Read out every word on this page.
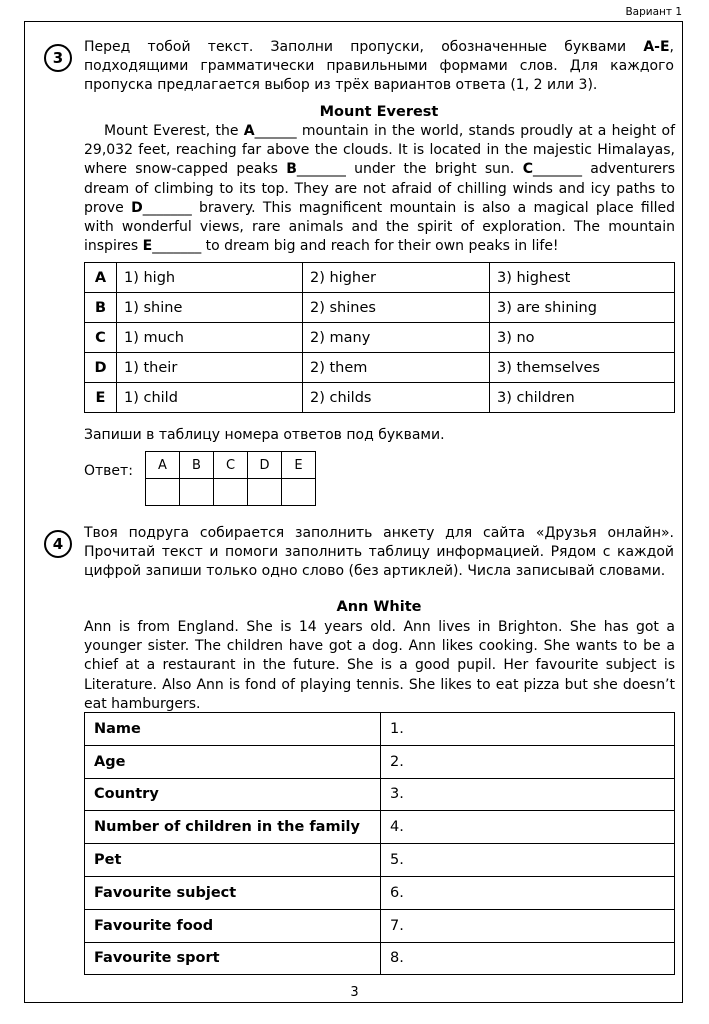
Вариант 1
3
Перед тобой текст. Заполни пропуски, обозначенные буквами A-E, подходящими грамматически правильными формами слов. Для каждого пропуска предлагается выбор из трёх вариантов ответа (1, 2 или 3).
Mount Everest
Mount Everest, the A______ mountain in the world, stands proudly at a height of 29,032 feet, reaching far above the clouds. It is located in the majestic Himalayas, where snow-capped peaks B_______ under the bright sun. C_______ adventurers dream of climbing to its top. They are not afraid of chilling winds and icy paths to prove D_______ bravery. This magnificent mountain is also a magical place filled with wonderful views, rare animals and the spirit of exploration. The mountain inspires E_______ to dream big and reach for their own peaks in life!
A	1) high	2) higher	3) highest
B	1) shine	2) shines	3) are shining
C	1) much	2) many	3) no
D	1) their	2) them	3) themselves
E	1) child	2) childs	3) children
Запиши в таблицу номера ответов под буквами.
Ответ: A	B	C	D	E

4
Твоя подруга собирается заполнить анкету для сайта «Друзья онлайн». Прочитай текст и помоги заполнить таблицу информацией. Рядом с каждой цифрой запиши только одно слово (без артиклей). Числа записывай словами.
Ann White
Ann is from England. She is 14 years old. Ann lives in Brighton. She has got a younger sister. The children have got a dog. Ann likes cooking. She wants to be a chief at a restaurant in the future. She is a good pupil. Her favourite subject is Literature. Also Ann is fond of playing tennis. She likes to eat pizza but she doesn’t eat hamburgers.
Name	1.
Age	2.
Country	3.
Number of children in the family	4.
Pet	5.
Favourite subject	6.
Favourite food	7.
Favourite sport	8.
3
